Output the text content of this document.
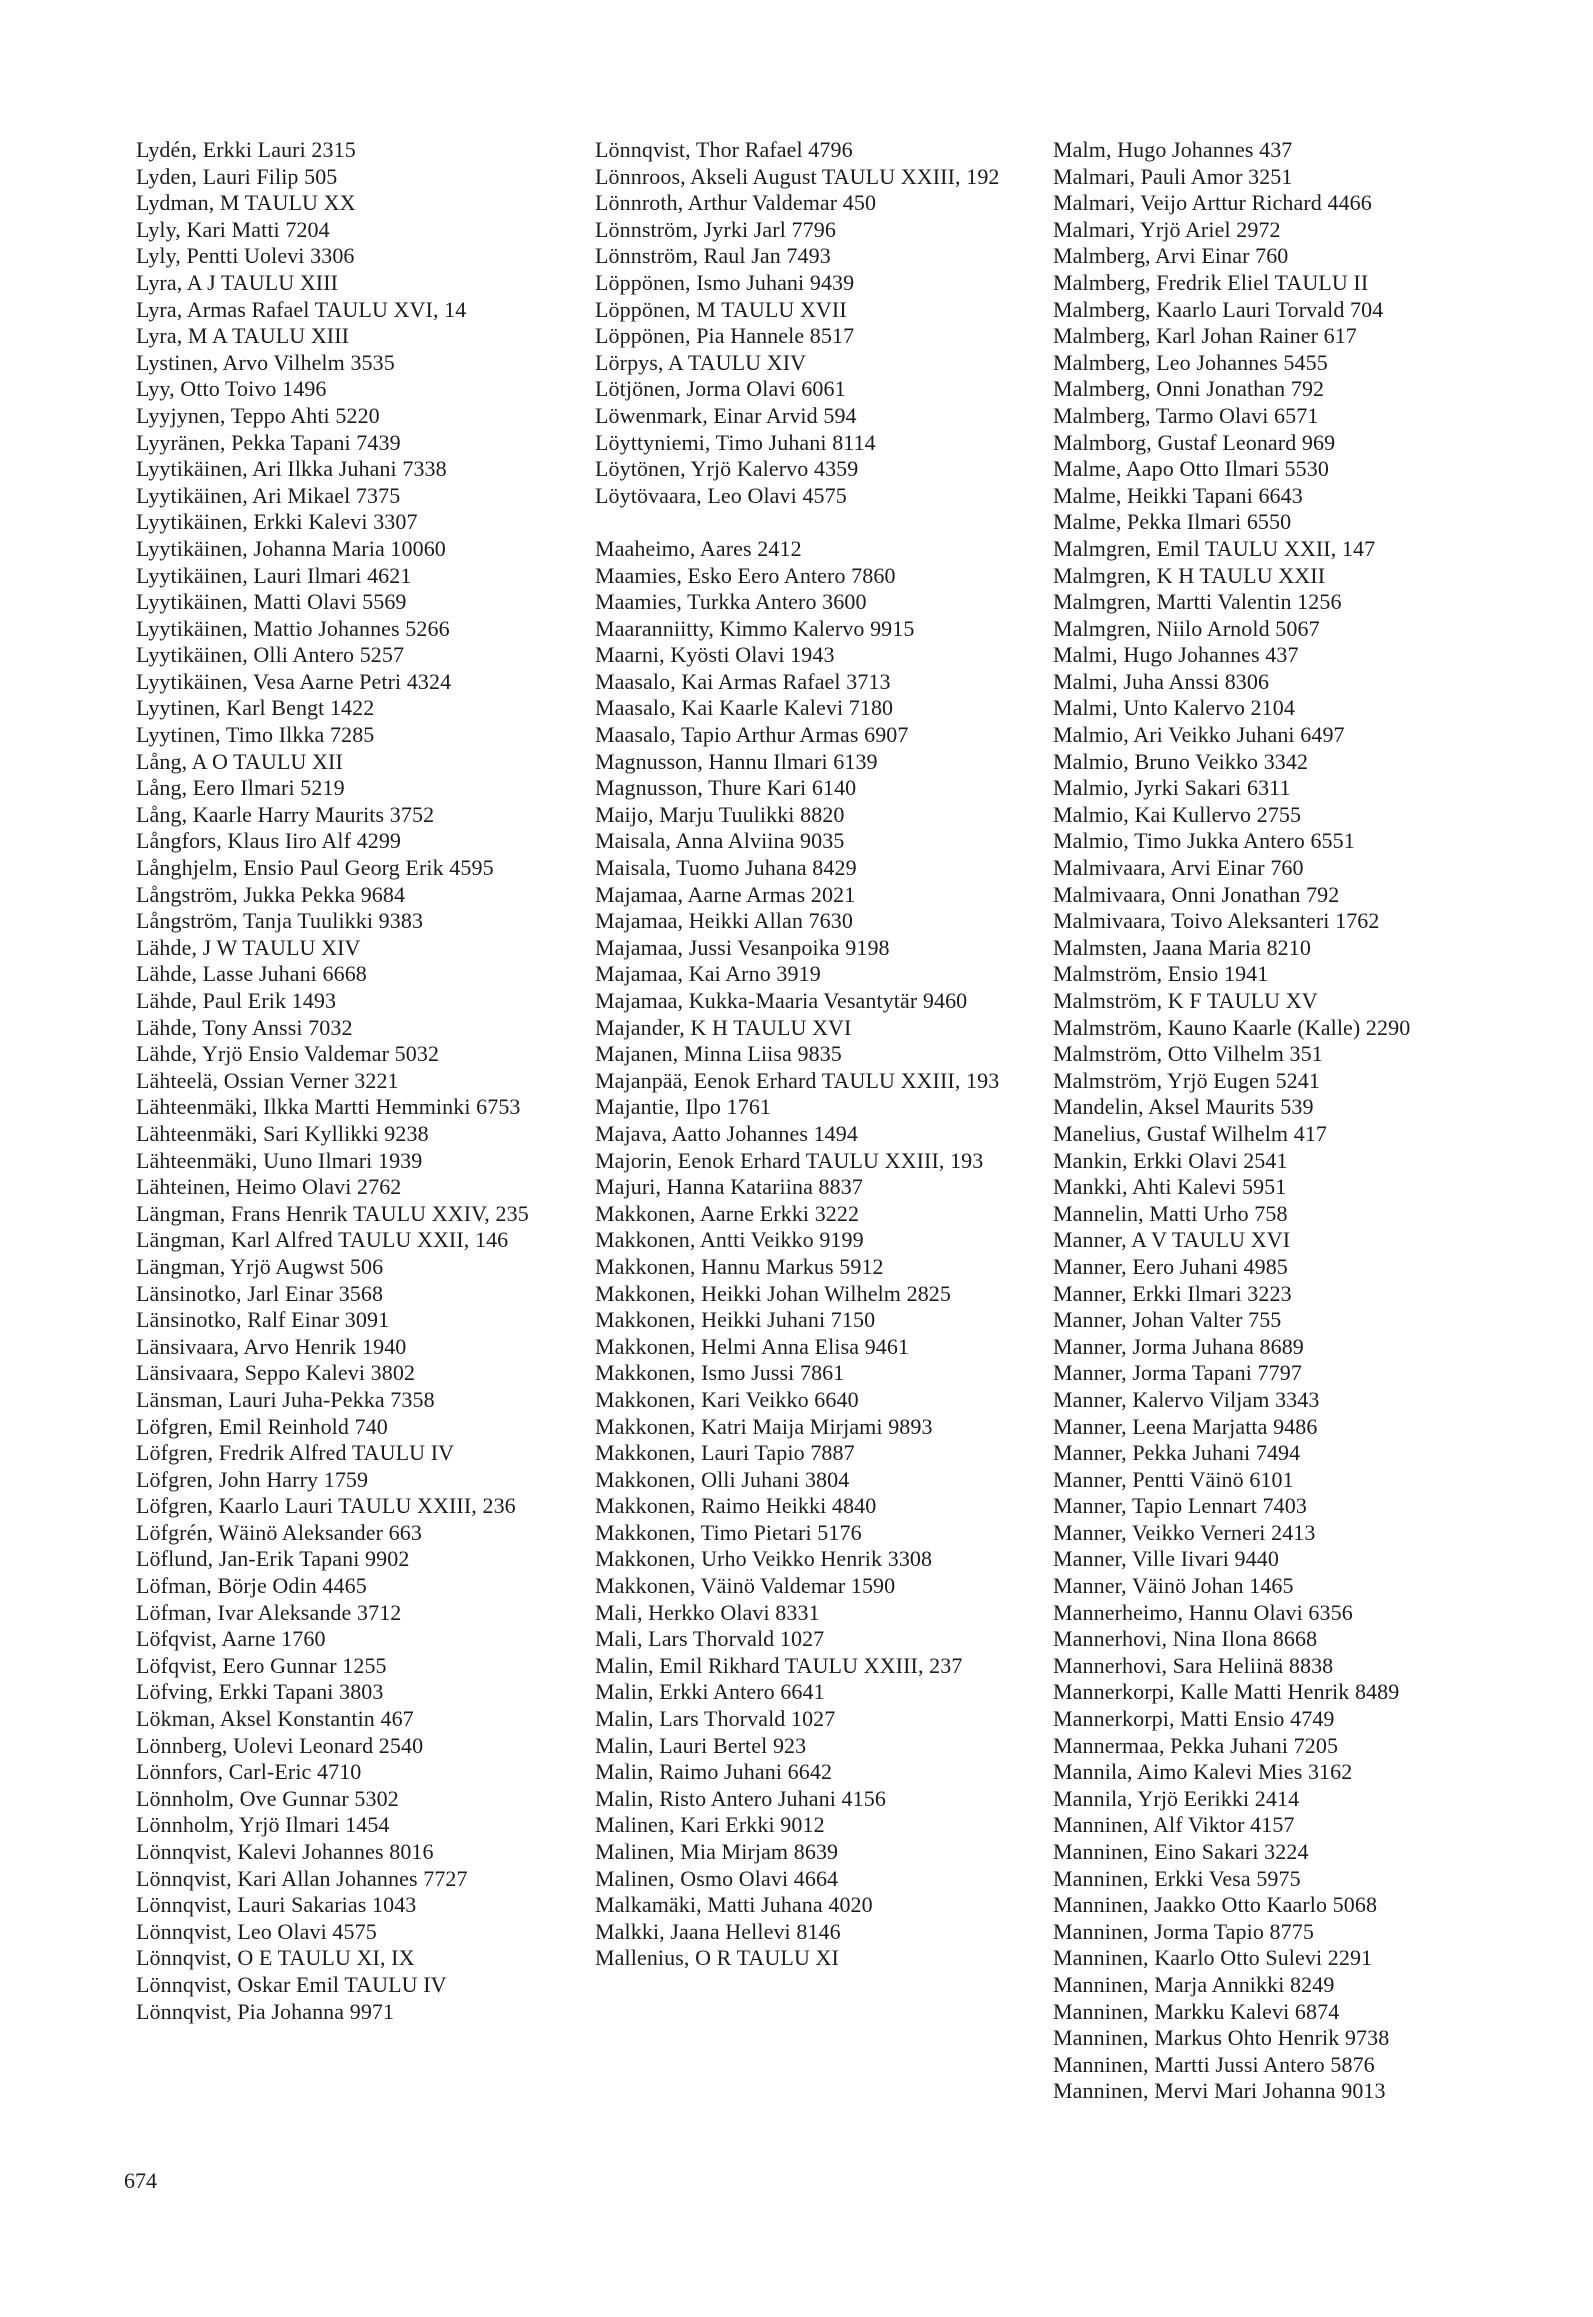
Lydén, Erkki Lauri 2315
Lyden, Lauri Filip 505
Lydman, M TAULU XX
Lyly, Kari Matti 7204
Lyly, Pentti Uolevi 3306
Lyra, A J TAULU XIII
Lyra, Armas Rafael TAULU XVI, 14
Lyra, M A TAULU XIII
Lystinen, Arvo Vilhelm 3535
Lyy, Otto Toivo 1496
Lyyjynen, Teppo Ahti 5220
Lyyränen, Pekka Tapani 7439
Lyytikäinen, Ari Ilkka Juhani 7338
Lyytikäinen, Ari Mikael 7375
Lyytikäinen, Erkki Kalevi 3307
Lyytikäinen, Johanna Maria 10060
Lyytikäinen, Lauri Ilmari 4621
Lyytikäinen, Matti Olavi 5569
Lyytikäinen, Mattio Johannes 5266
Lyytikäinen, Olli Antero 5257
Lyytikäinen, Vesa Aarne Petri 4324
Lyytinen, Karl Bengt 1422
Lyytinen, Timo Ilkka 7285
Lång, A O TAULU XII
Lång, Eero Ilmari 5219
Lång, Kaarle Harry Maurits 3752
Långfors, Klaus Iiro Alf 4299
Långhjelm, Ensio Paul Georg Erik 4595
Långström, Jukka Pekka 9684
Långström, Tanja Tuulikki 9383
Lähde, J W TAULU XIV
Lähde, Lasse Juhani 6668
Lähde, Paul Erik 1493
Lähde, Tony Anssi 7032
Lähde, Yrjö Ensio Valdemar 5032
Lähteelä, Ossian Verner 3221
Lähteenmäki, Ilkka Martti Hemminki 6753
Lähteenmäki, Sari Kyllikki 9238
Lähteenmäki, Uuno Ilmari 1939
Lähteinen, Heimo Olavi 2762
Längman, Frans Henrik TAULU XXIV, 235
Längman, Karl Alfred TAULU XXII, 146
Längman, Yrjö Augwst 506
Länsinotko, Jarl Einar 3568
Länsinotko, Ralf Einar 3091
Länsivaara, Arvo Henrik 1940
Länsivaara, Seppo Kalevi 3802
Länsman, Lauri Juha-Pekka 7358
Löfgren, Emil Reinhold 740
Löfgren, Fredrik Alfred TAULU IV
Löfgren, John Harry 1759
Löfgren, Kaarlo Lauri TAULU XXIII, 236
Löfgrén, Wäinö Aleksander 663
Löflund, Jan-Erik Tapani 9902
Löfman, Börje Odin 4465
Löfman, Ivar Aleksande 3712
Löfqvist, Aarne 1760
Löfqvist, Eero Gunnar 1255
Löfving, Erkki Tapani 3803
Lökman, Aksel Konstantin 467
Lönnberg, Uolevi Leonard 2540
Lönnfors, Carl-Eric 4710
Lönnholm, Ove Gunnar 5302
Lönnholm, Yrjö Ilmari 1454
Lönnqvist, Kalevi Johannes 8016
Lönnqvist, Kari Allan Johannes 7727
Lönnqvist, Lauri Sakarias 1043
Lönnqvist, Leo Olavi 4575
Lönnqvist, O E TAULU XI, IX
Lönnqvist, Oskar Emil TAULU IV
Lönnqvist, Pia Johanna 9971
Lönnqvist, Thor Rafael 4796
Lönnroos, Akseli August TAULU XXIII, 192
Lönnroth, Arthur Valdemar 450
Lönnström, Jyrki Jarl 7796
Lönnström, Raul Jan 7493
Löppönen, Ismo Juhani 9439
Löppönen, M TAULU XVII
Löppönen, Pia Hannele 8517
Lörpys, A TAULU XIV
Lötjönen, Jorma Olavi 6061
Löwenmark, Einar Arvid 594
Löyttyniemi, Timo Juhani 8114
Löytönen, Yrjö Kalervo 4359
Löytövaara, Leo Olavi 4575
Maaheimo, Aares 2412
Maamies, Esko Eero Antero 7860
Maamies, Turkka Antero 3600
Maaranniitty, Kimmo Kalervo 9915
Maarni, Kyösti Olavi 1943
Maasalo, Kai Armas Rafael 3713
Maasalo, Kai Kaarle Kalevi 7180
Maasalo, Tapio Arthur Armas 6907
Magnusson, Hannu Ilmari 6139
Magnusson, Thure Kari 6140
Maijo, Marju Tuulikki 8820
Maisala, Anna Alviina 9035
Maisala, Tuomo Juhana 8429
Majamaa, Aarne Armas 2021
Majamaa, Heikki Allan 7630
Majamaa, Jussi Vesanpoika 9198
Majamaa, Kai Arno 3919
Majamaa, Kukka-Maaria Vesantytär 9460
Majander, K H TAULU XVI
Majanen, Minna Liisa 9835
Majanpää, Eenok Erhard TAULU XXIII, 193
Majantie, Ilpo 1761
Majava, Aatto Johannes 1494
Majorin, Eenok Erhard TAULU XXIII, 193
Majuri, Hanna Katariina 8837
Makkonen, Aarne Erkki 3222
Makkonen, Antti Veikko 9199
Makkonen, Hannu Markus 5912
Makkonen, Heikki Johan Wilhelm 2825
Makkonen, Heikki Juhani 7150
Makkonen, Helmi Anna Elisa 9461
Makkonen, Ismo Jussi 7861
Makkonen, Kari Veikko 6640
Makkonen, Katri Maija Mirjami 9893
Makkonen, Lauri Tapio 7887
Makkonen, Olli Juhani 3804
Makkonen, Raimo Heikki 4840
Makkonen, Timo Pietari 5176
Makkonen, Urho Veikko Henrik 3308
Makkonen, Väinö Valdemar 1590
Mali, Herkko Olavi 8331
Mali, Lars Thorvald 1027
Malin, Emil Rikhard TAULU XXIII, 237
Malin, Erkki Antero 6641
Malin, Lars Thorvald 1027
Malin, Lauri Bertel 923
Malin, Raimo Juhani 6642
Malin, Risto Antero Juhani 4156
Malinen, Kari Erkki 9012
Malinen, Mia Mirjam 8639
Malinen, Osmo Olavi 4664
Malkamäki, Matti Juhana 4020
Malkki, Jaana Hellevi 8146
Mallenius, O R TAULU XI
Malm, Hugo Johannes 437
Malmari, Pauli Amor 3251
Malmari, Veijo Arttur Richard 4466
Malmari, Yrjö Ariel 2972
Malmberg, Arvi Einar 760
Malmberg, Fredrik Eliel TAULU II
Malmberg, Kaarlo Lauri Torvald 704
Malmberg, Karl Johan Rainer 617
Malmberg, Leo Johannes 5455
Malmberg, Onni Jonathan 792
Malmberg, Tarmo Olavi 6571
Malmborg, Gustaf Leonard 969
Malme, Aapo Otto Ilmari 5530
Malme, Heikki Tapani 6643
Malme, Pekka Ilmari 6550
Malmgren, Emil TAULU XXII, 147
Malmgren, K H TAULU XXII
Malmgren, Martti Valentin 1256
Malmgren, Niilo Arnold 5067
Malmi, Hugo Johannes 437
Malmi, Juha Anssi 8306
Malmi, Unto Kalervo 2104
Malmio, Ari Veikko Juhani 6497
Malmio, Bruno Veikko 3342
Malmio, Jyrki Sakari 6311
Malmio, Kai Kullervo 2755
Malmio, Timo Jukka Antero 6551
Malmivaara, Arvi Einar 760
Malmivaara, Onni Jonathan 792
Malmivaara, Toivo Aleksanteri 1762
Malmsten, Jaana Maria 8210
Malmström, Ensio 1941
Malmström, K F TAULU XV
Malmström, Kauno Kaarle (Kalle) 2290
Malmström, Otto Vilhelm 351
Malmström, Yrjö Eugen 5241
Mandelin, Aksel Maurits 539
Manelius, Gustaf Wilhelm 417
Mankin, Erkki Olavi 2541
Mankki, Ahti Kalevi 5951
Mannelin, Matti Urho 758
Manner, A V TAULU XVI
Manner, Eero Juhani 4985
Manner, Erkki Ilmari 3223
Manner, Johan Valter 755
Manner, Jorma Juhana 8689
Manner, Jorma Tapani 7797
Manner, Kalervo Viljam 3343
Manner, Leena Marjatta 9486
Manner, Pekka Juhani 7494
Manner, Pentti Väinö 6101
Manner, Tapio Lennart 7403
Manner, Veikko Verneri 2413
Manner, Ville Iivari 9440
Manner, Väinö Johan 1465
Mannerheimo, Hannu Olavi 6356
Mannerhovi, Nina Ilona 8668
Mannerhovi, Sara Heliinä 8838
Mannerkorpi, Kalle Matti Henrik 8489
Mannerkorpi, Matti Ensio 4749
Mannermaa, Pekka Juhani 7205
Mannila, Aimo Kalevi Mies 3162
Mannila, Yrjö Eerikki 2414
Manninen, Alf Viktor 4157
Manninen, Eino Sakari 3224
Manninen, Erkki Vesa 5975
Manninen, Jaakko Otto Kaarlo 5068
Manninen, Jorma Tapio 8775
Manninen, Kaarlo Otto Sulevi 2291
Manninen, Marja Annikki 8249
Manninen, Markku Kalevi 6874
Manninen, Markus Ohto Henrik 9738
Manninen, Martti Jussi Antero 5876
Manninen, Mervi Mari Johanna 9013
674
